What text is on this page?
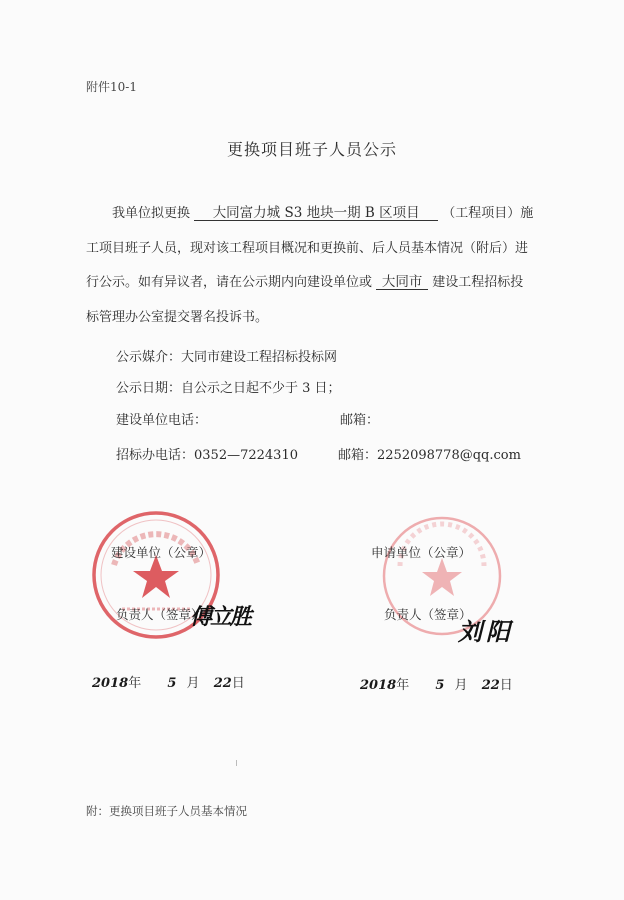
附件10-1
更换项目班子人员公示
我单位拟更换 大同富力城 S3 地块一期 B 区项目 （工程项目）施
工项目班子人员，现对该工程项目概况和更换前、后人员基本情况（附后）进
行公示。如有异议者，请在公示期内向建设单位或 大同市 建设工程招标投
标管理办公室提交署名投诉书。
公示媒介：大同市建设工程招标投标网
公示日期：自公示之日起不少于 3 日；
建设单位电话：	邮箱：
招标办电话：0352—7224310	邮箱：2252098778@qq.com
建设单位（公章）
负责人（签章）
傅立胜
2018年 5 月 22日
申请单位（公章）
负责人（签章）
刘阳
2018年 5 月 22日
附：更换项目班子人员基本情况
